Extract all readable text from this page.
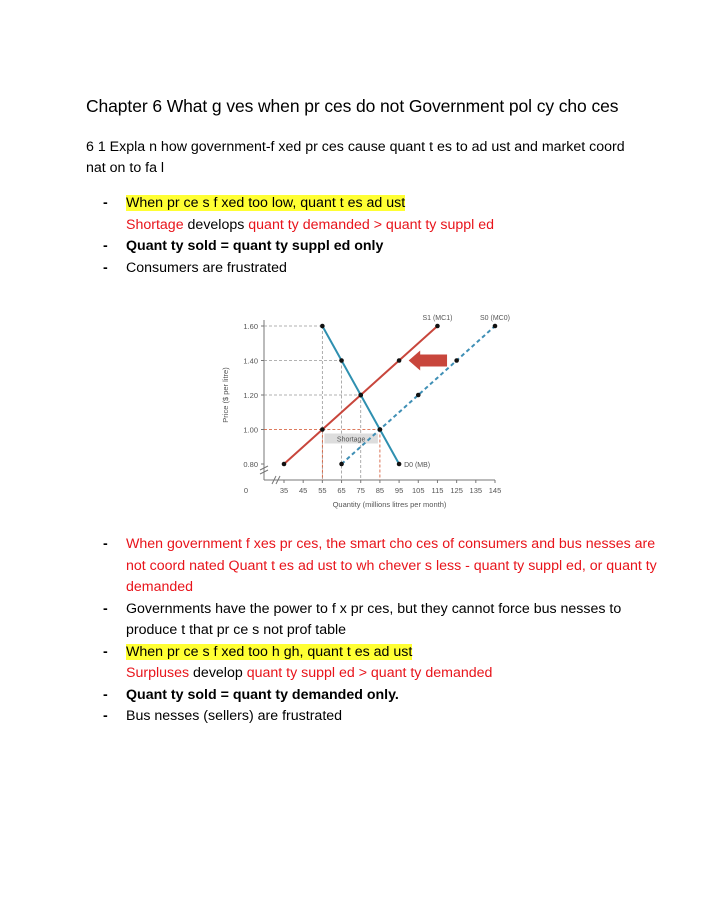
Chapter 6 What g ves when pr ces do not Government pol cy cho ces
6 1 Expla n how government-f xed pr ces cause quant t es to ad ust and market coord nat on to fa l
- When pr ce s f xed too low, quant t es ad ust
Shortage develops quant ty demanded > quant ty suppl ed
- Quant ty sold = quant ty suppl ed only
- Consumers are frustrated
0	35 45 55 65 75 85 95 105 115 125 135 145
0.80
1.00
1.20
1.40
1.60
Quantity (millions litres per month)
Price ($ per litre)
Shortage
S1 (MC1)	S0 (MC0)
D0 (MB)
- When government f xes pr ces, the smart cho ces of consumers and bus nesses are not coord nated Quant t es ad ust to wh chever s less - quant ty suppl ed, or quant ty demanded
- Governments have the power to f x pr ces, but they cannot force bus nesses to produce t that pr ce s not prof table
- When pr ce s f xed too h gh, quant t es ad ust
Surpluses develop quant ty suppl ed > quant ty demanded
- Quant ty sold = quant ty demanded only.
- Bus nesses (sellers) are frustrated
